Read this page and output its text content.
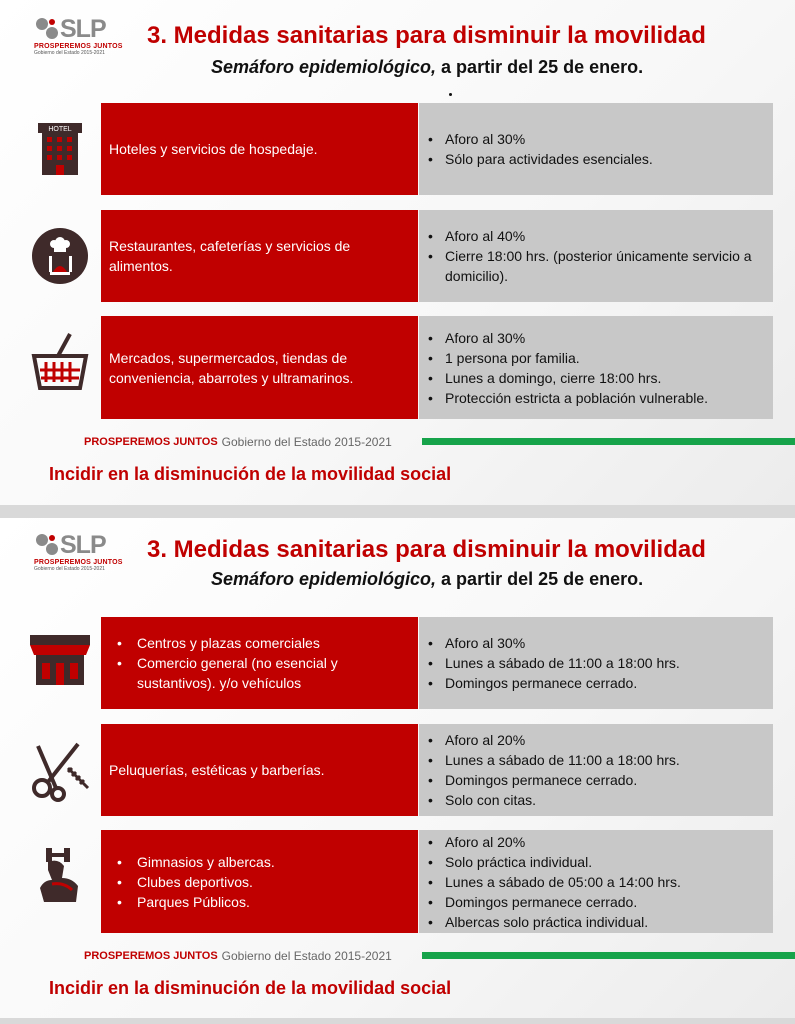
SLP
PROSPEREMOS JUNTOS
Gobierno del Estado 2015-2021
3. Medidas sanitarias para disminuir la movilidad
Semáforo epidemiológico, a partir del 25 de enero.
HOTEL
Hoteles y servicios de hospedaje.
• Aforo al 30%
• Sólo para actividades esenciales.
Restaurantes, cafeterías y servicios de alimentos.
• Aforo al 40%
• Cierre 18:00 hrs. (posterior únicamente servicio a domicilio).
Mercados, supermercados, tiendas de conveniencia, abarrotes y ultramarinos.
• Aforo al 30%
• 1 persona por familia.
• Lunes a domingo, cierre 18:00 hrs.
• Protección estricta a población vulnerable.
PROSPEREMOS JUNTOS Gobierno del Estado 2015-2021
Incidir en la disminución de la movilidad social
SLP
PROSPEREMOS JUNTOS
Gobierno del Estado 2015-2021
3. Medidas sanitarias para disminuir la movilidad
Semáforo epidemiológico, a partir del 25 de enero.
• Centros y plazas comerciales
• Comercio general (no esencial y sustantivos). y/o vehículos
• Aforo al 30%
• Lunes a sábado de 11:00 a 18:00 hrs.
• Domingos permanece cerrado.
Peluquerías, estéticas y barberías.
• Aforo al 20%
• Lunes a sábado de 11:00 a 18:00 hrs.
• Domingos permanece cerrado.
• Solo con citas.
• Gimnasios y albercas.
• Clubes deportivos.
• Parques Públicos.
• Aforo al 20%
• Solo práctica individual.
• Lunes a sábado de 05:00 a 14:00 hrs.
• Domingos permanece cerrado.
• Albercas solo práctica individual.
PROSPEREMOS JUNTOS Gobierno del Estado 2015-2021
Incidir en la disminución de la movilidad social
